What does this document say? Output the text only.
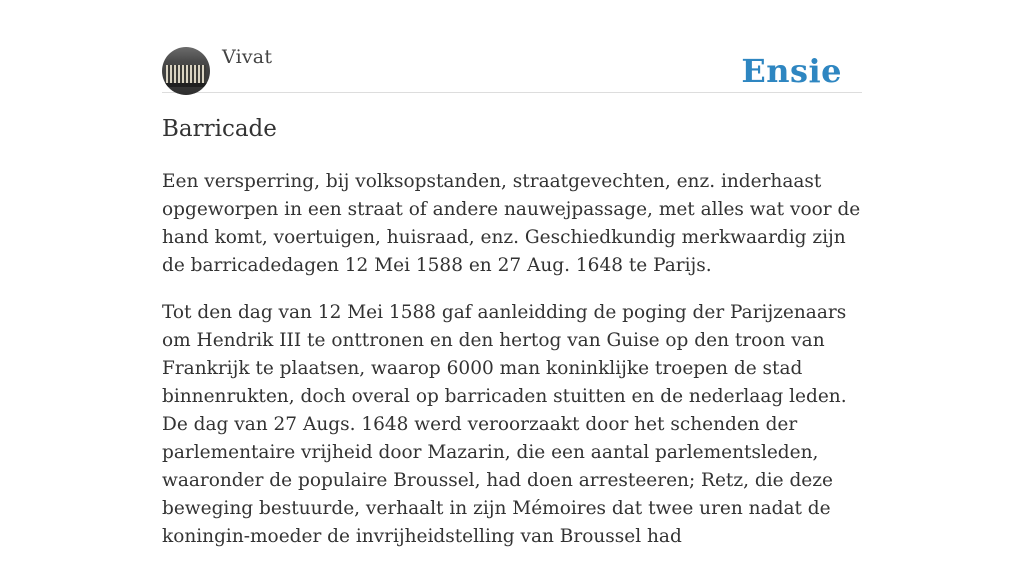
Vivat	Ensie
Barricade

Een versperring, bij volksopstanden, straatgevechten, enz. inderhaast opgeworpen in een straat of andere nauwejpassage, met alles wat voor de hand komt, voertuigen, huisraad, enz. Geschiedkundig merkwaardig zijn de barricadedagen 12 Mei 1588 en 27 Aug. 1648 te Parijs.

Tot den dag van 12 Mei 1588 gaf aanleidding de poging der Parijzenaars om Hendrik III te onttronen en den hertog van Guise op den troon van Frankrijk te plaatsen, waarop 6000 man koninklijke troepen de stad binnenrukten, doch overal op barricaden stuitten en de nederlaag leden. De dag van 27 Augs. 1648 werd veroorzaakt door het schenden der parlementaire vrijheid door Mazarin, die een aantal parlementsleden, waaronder de populaire Broussel, had doen arresteeren; Retz, die deze beweging bestuurde, verhaalt in zijn Mémoires dat twee uren nadat de koningin-moeder de invrijheidstelling van Broussel had
